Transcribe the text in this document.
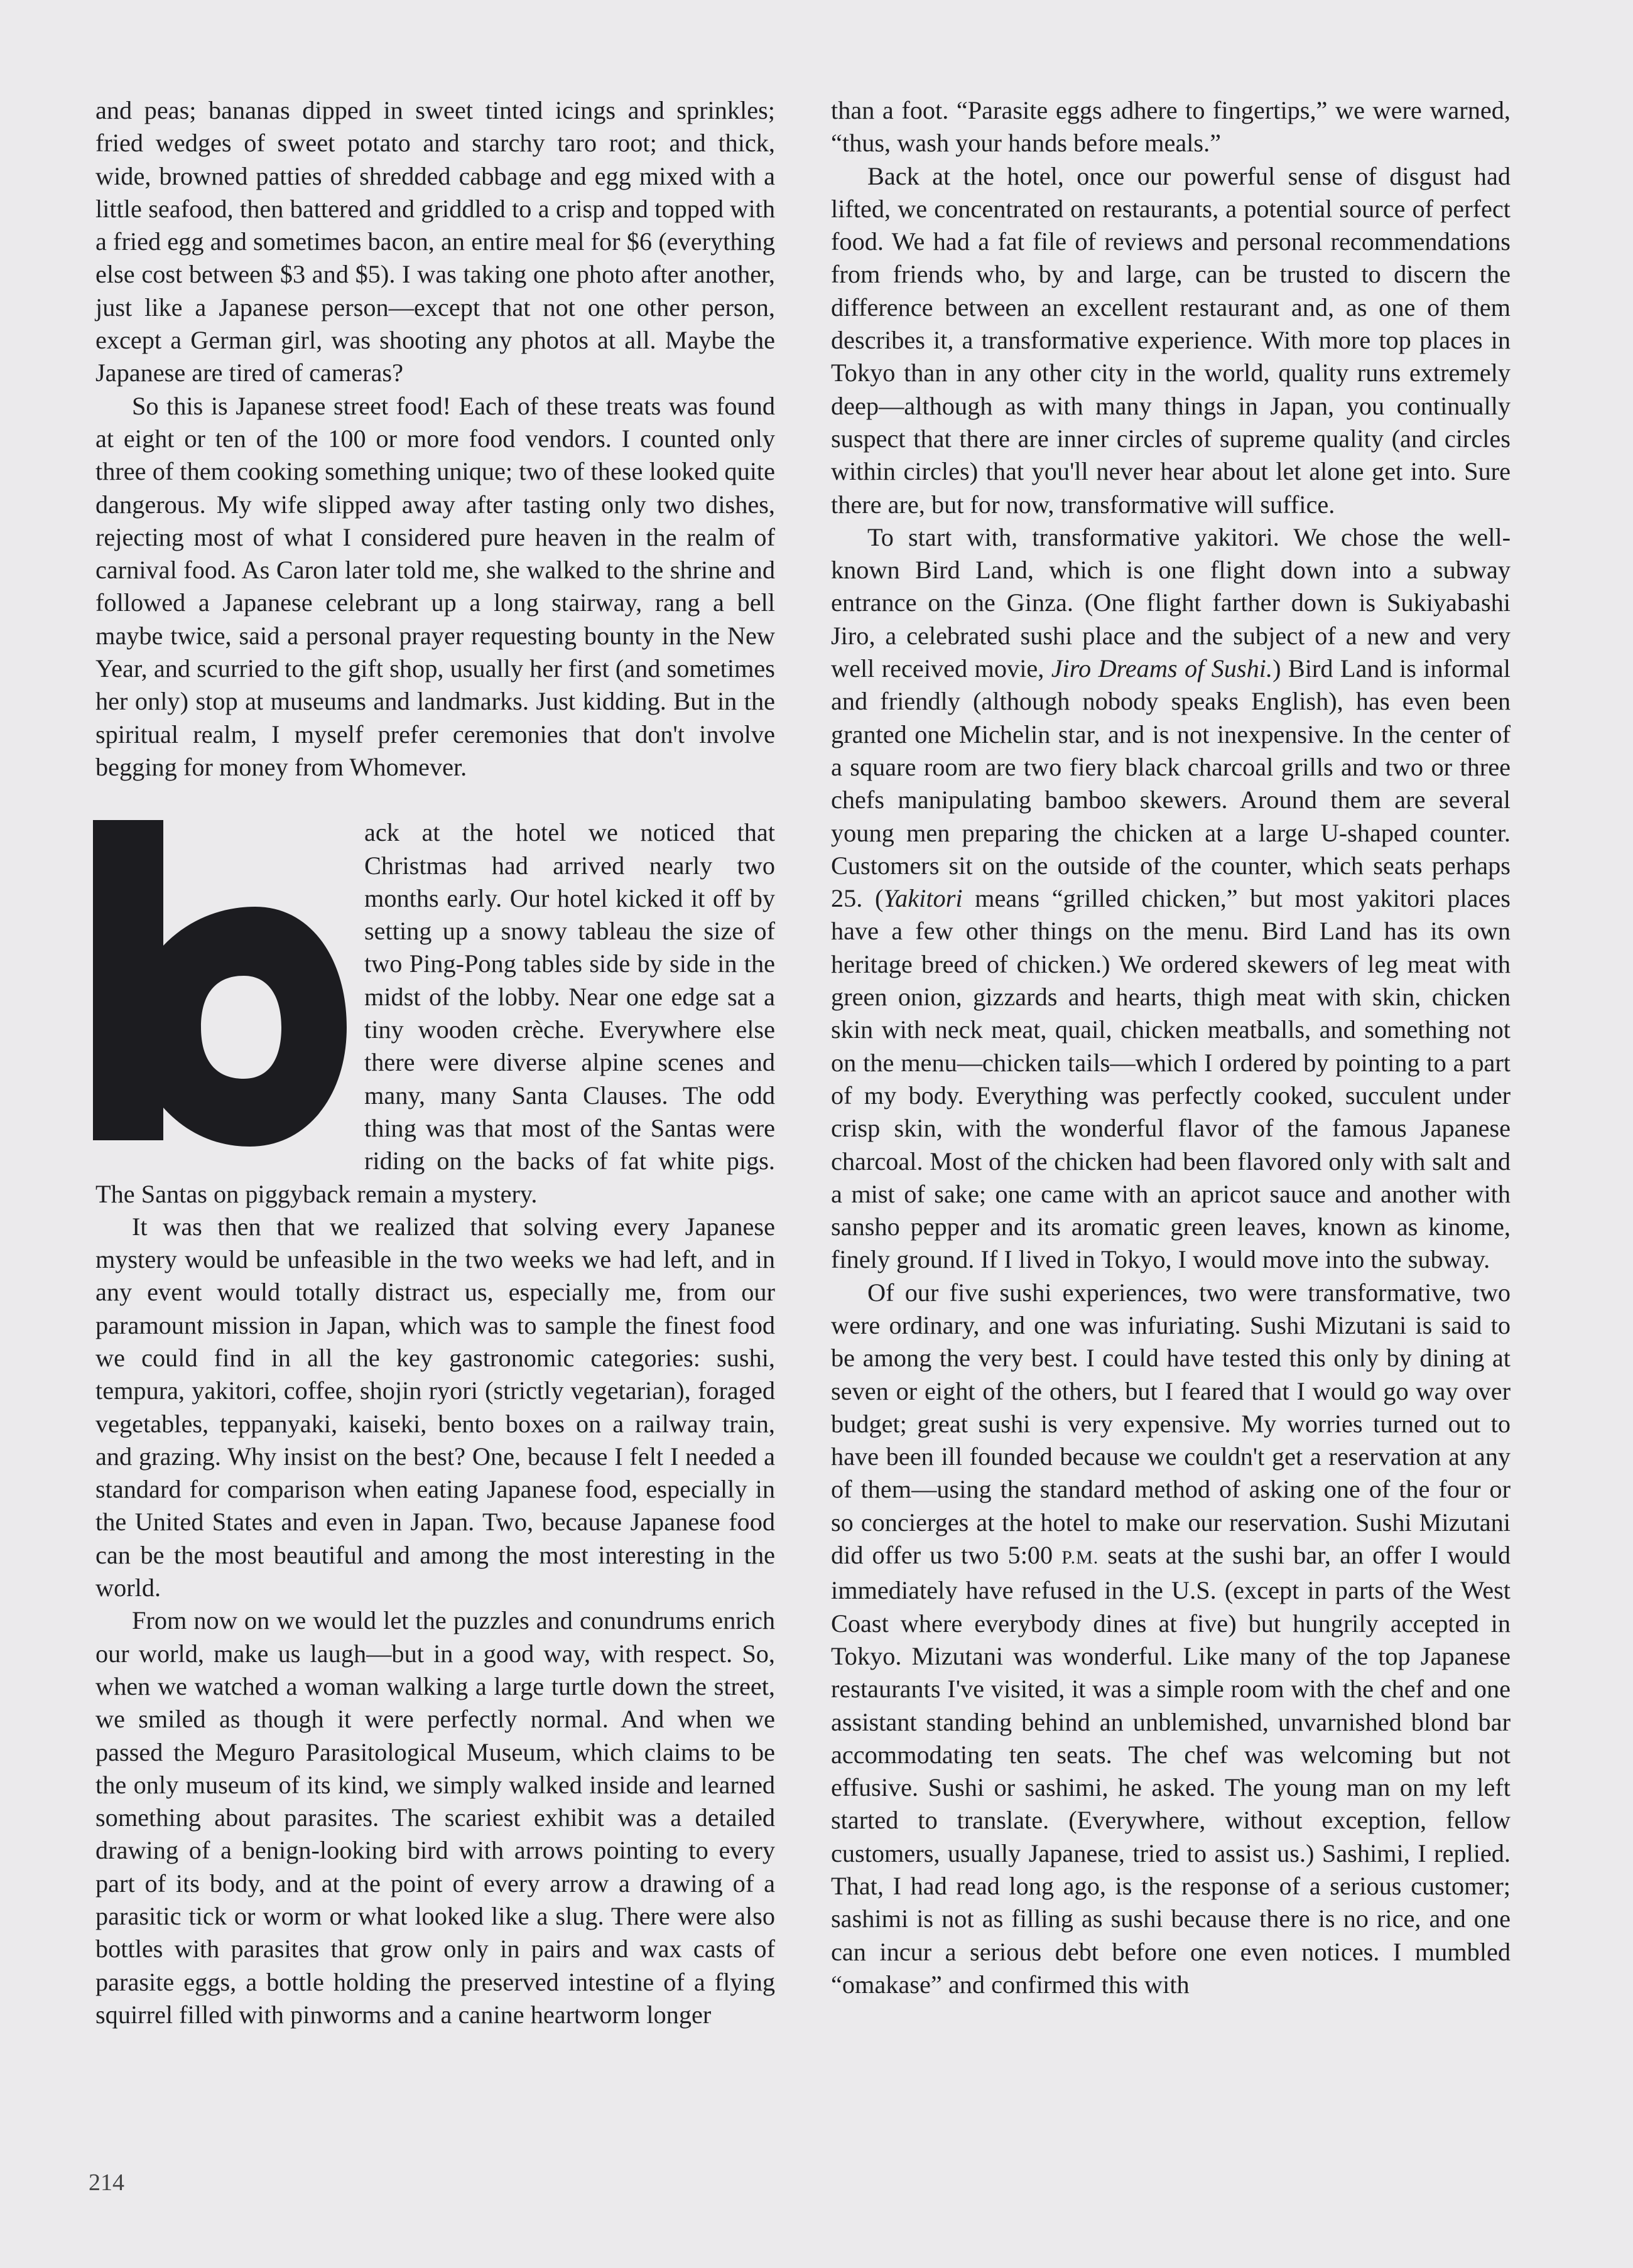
and peas; bananas dipped in sweet tinted icings and sprinkles; fried wedges of sweet potato and starchy taro root; and thick, wide, browned patties of shredded cabbage and egg mixed with a little seafood, then battered and griddled to a crisp and topped with a fried egg and sometimes bacon, an entire meal for $6 (everything else cost between $3 and $5). I was taking one photo after another, just like a Japanese person—except that not one other person, except a German girl, was shooting any photos at all. Maybe the Japanese are tired of cameras?

So this is Japanese street food! Each of these treats was found at eight or ten of the 100 or more food vendors. I counted only three of them cooking something unique; two of these looked quite dangerous. My wife slipped away after tasting only two dishes, rejecting most of what I considered pure heaven in the realm of carnival food. As Caron later told me, she walked to the shrine and followed a Japanese celebrant up a long stairway, rang a bell maybe twice, said a personal prayer requesting bounty in the New Year, and scurried to the gift shop, usually her first (and sometimes her only) stop at museums and landmarks. Just kidding. But in the spiritual realm, I myself prefer ceremonies that don't involve begging for money from Whomever.

ack at the hotel we noticed that Christmas had arrived nearly two months early. Our hotel kicked it off by setting up a snowy tableau the size of two Ping-Pong tables side by side in the midst of the lobby. Near one edge sat a tiny wooden crèche. Everywhere else there were diverse alpine scenes and many, many Santa Clauses. The odd thing was that most of the Santas were riding on the backs of fat white pigs. The Santas on piggyback remain a mystery.

It was then that we realized that solving every Japanese mystery would be unfeasible in the two weeks we had left, and in any event would totally distract us, especially me, from our paramount mission in Japan, which was to sample the finest food we could find in all the key gastronomic categories: sushi, tempura, yakitori, coffee, shojin ryori (strictly vegetarian), foraged vegetables, teppanyaki, kaiseki, bento boxes on a railway train, and grazing. Why insist on the best? One, because I felt I needed a standard for comparison when eating Japanese food, especially in the United States and even in Japan. Two, because Japanese food can be the most beautiful and among the most interesting in the world.

From now on we would let the puzzles and conundrums enrich our world, make us laugh—but in a good way, with respect. So, when we watched a woman walking a large turtle down the street, we smiled as though it were perfectly normal. And when we passed the Meguro Parasitological Museum, which claims to be the only museum of its kind, we simply walked inside and learned something about parasites. The scariest exhibit was a detailed drawing of a benign-looking bird with arrows pointing to every part of its body, and at the point of every arrow a drawing of a parasitic tick or worm or what looked like a slug. There were also bottles with parasites that grow only in pairs and wax casts of parasite eggs, a bottle holding the preserved intestine of a flying squirrel filled with pinworms and a canine heartworm longer

than a foot. “Parasite eggs adhere to fingertips,” we were warned, “thus, wash your hands before meals.”

Back at the hotel, once our powerful sense of disgust had lifted, we concentrated on restaurants, a potential source of perfect food. We had a fat file of reviews and personal recommendations from friends who, by and large, can be trusted to discern the difference between an excellent restaurant and, as one of them describes it, a transformative experience. With more top places in Tokyo than in any other city in the world, quality runs extremely deep—although as with many things in Japan, you continually suspect that there are inner circles of supreme quality (and circles within circles) that you'll never hear about let alone get into. Sure there are, but for now, transformative will suffice.

To start with, transformative yakitori. We chose the well-known Bird Land, which is one flight down into a subway entrance on the Ginza. (One flight farther down is Sukiyabashi Jiro, a celebrated sushi place and the subject of a new and very well received movie, Jiro Dreams of Sushi.) Bird Land is informal and friendly (although nobody speaks English), has even been granted one Michelin star, and is not inexpensive. In the center of a square room are two fiery black charcoal grills and two or three chefs manipulating bamboo skewers. Around them are several young men preparing the chicken at a large U-shaped counter. Customers sit on the outside of the counter, which seats perhaps 25. (Yakitori means “grilled chicken,” but most yakitori places have a few other things on the menu. Bird Land has its own heritage breed of chicken.) We ordered skewers of leg meat with green onion, gizzards and hearts, thigh meat with skin, chicken skin with neck meat, quail, chicken meatballs, and something not on the menu—chicken tails—which I ordered by pointing to a part of my body. Everything was perfectly cooked, succulent under crisp skin, with the wonderful flavor of the famous Japanese charcoal. Most of the chicken had been flavored only with salt and a mist of sake; one came with an apricot sauce and another with sansho pepper and its aromatic green leaves, known as kinome, finely ground. If I lived in Tokyo, I would move into the subway.

Of our five sushi experiences, two were transformative, two were ordinary, and one was infuriating. Sushi Mizutani is said to be among the very best. I could have tested this only by dining at seven or eight of the others, but I feared that I would go way over budget; great sushi is very expensive. My worries turned out to have been ill founded because we couldn't get a reservation at any of them—using the standard method of asking one of the four or so concierges at the hotel to make our reservation. Sushi Mizutani did offer us two 5:00 P.M. seats at the sushi bar, an offer I would immediately have refused in the U.S. (except in parts of the West Coast where everybody dines at five) but hungrily accepted in Tokyo. Mizutani was wonderful. Like many of the top Japanese restaurants I've visited, it was a simple room with the chef and one assistant standing behind an unblemished, unvarnished blond bar accommodating ten seats. The chef was welcoming but not effusive. Sushi or sashimi, he asked. The young man on my left started to translate. (Everywhere, without exception, fellow customers, usually Japanese, tried to assist us.) Sashimi, I replied. That, I had read long ago, is the response of a serious customer; sashimi is not as filling as sushi because there is no rice, and one can incur a serious debt before one even notices. I mumbled “omakase” and confirmed this with

214
